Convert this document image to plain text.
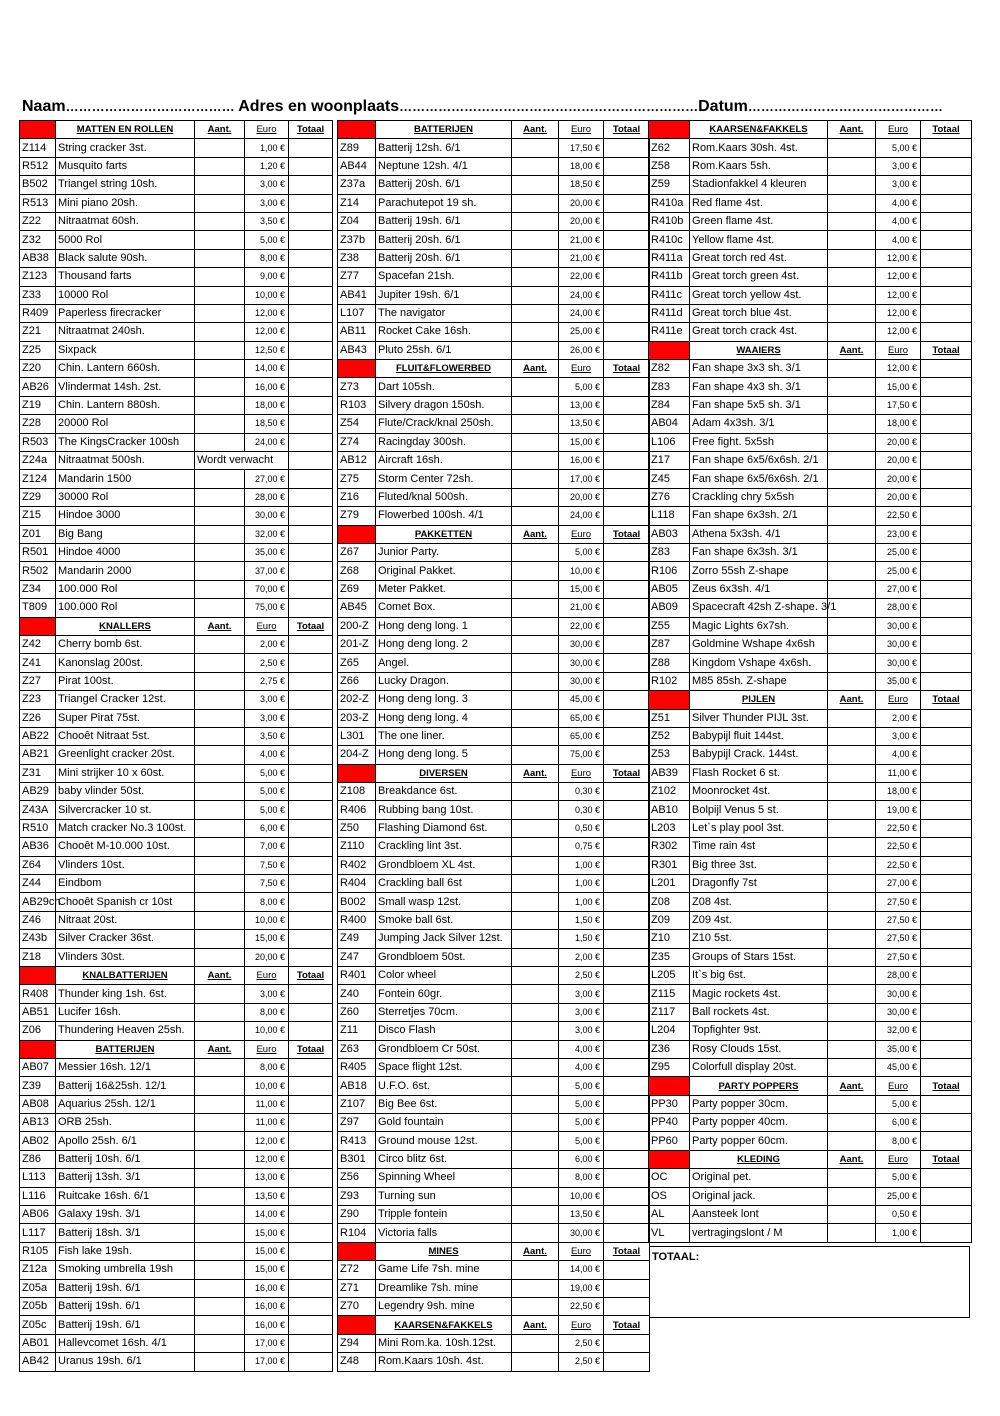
Naam………………………………… Adres en woonplaats……………………………………………………………Datum………………………………………
	MATTEN EN ROLLEN	Aant.	Euro	Totaal
Z114	String cracker 3st.		1,00 €	
R512	Musquito farts		1,20 €	
B502	Triangel string 10sh.		3,00 €	
R513	Mini piano 20sh.		3,00 €	
Z22	Nitraatmat 60sh.		3,50 €	
Z32	5000 Rol		5,00 €	
AB38	Black salute 90sh.		8,00 €	
Z123	Thousand farts		9,00 €	
Z33	10000 Rol		10,00 €	
R409	Paperless firecracker		12,00 €	
Z21	Nitraatmat 240sh.		12,00 €	
Z25	Sixpack		12,50 €	
Z20	Chin. Lantern 660sh.		14,00 €	
AB26	Vlindermat 14sh. 2st.		16,00 €	
Z19	Chin. Lantern 880sh.		18,00 €	
Z28	20000 Rol		18,50 €	
R503	The KingsCracker 100sh		24,00 €	
Z24a	Nitraatmat 500sh.	Wordt verwacht		
Z124	Mandarin 1500		27,00 €	
Z29	30000 Rol		28,00 €	
Z15	Hindoe 3000		30,00 €	
Z01	Big Bang		32,00 €	
R501	Hindoe 4000		35,00 €	
R502	Mandarin 2000		37,00 €	
Z34	100.000 Rol		70,00 €	
T809	100.000 Rol		75,00 €	
	KNALLERS	Aant.	Euro	Totaal
Z42	Cherry bomb 6st.		2,00 €	
Z41	Kanonslag 200st.		2,50 €	
Z27	Pirat 100st.		2,75 €	
Z23	Triangel Cracker 12st.		3,00 €	
Z26	Super Pirat 75st.		3,00 €	
AB22	Chooêt Nitraat 5st.		3,50 €	
AB21	Greenlight cracker 20st.		4,00 €	
Z31	Mini strijker 10 x 60st.		5,00 €	
AB29	baby vlinder 50st.		5,00 €	
Z43A	Silvercracker 10 st.		5,00 €	
R510	Match cracker No.3 100st.		6,00 €	
AB36	Chooêt M-10.000 10st.		7,00 €	
Z64	Vlinders 10st.		7,50 €	
Z44	Eindbom		7,50 €	
AB29ch	Chooêt Spanish cr 10st		8,00 €	
Z46	Nitraat 20st.		10,00 €	
Z43b	Silver Cracker 36st.		15,00 €	
Z18	Vlinders 30st.		20,00 €	
	KNALBATTERIJEN	Aant.	Euro	Totaal
R408	Thunder king 1sh. 6st.		3,00 €	
AB51	Lucifer 16sh.		8,00 €	
Z06	Thundering Heaven 25sh.		10,00 €	
	BATTERIJEN	Aant.	Euro	Totaal
AB07	Messier 16sh. 12/1		8,00 €	
Z39	Batterij 16&25sh. 12/1		10,00 €	
AB08	Aquarius 25sh. 12/1		11,00 €	
AB13	ORB 25sh.		11,00 €	
AB02	Apollo 25sh. 6/1		12,00 €	
Z86	Batterij 10sh. 6/1		12,00 €	
L113	Batterij 13sh. 3/1		13,00 €	
L116	Ruitcake 16sh. 6/1		13,50 €	
AB06	Galaxy 19sh. 3/1		14,00 €	
L117	Batterij 18sh. 3/1		15,00 €	
R105	Fish lake 19sh.		15,00 €	
Z12a	Smoking umbrella 19sh		15,00 €	
Z05a	Batterij 19sh. 6/1		16,00 €	
Z05b	Batterij 19sh. 6/1		16,00 €	
Z05c	Batterij 19sh. 6/1		16,00 €	
AB01	Hallevcomet 16sh. 4/1		17,00 €	
AB42	Uranus 19sh. 6/1		17,00 €	
	BATTERIJEN	Aant.	Euro	Totaal
Z89	Batterij 12sh. 6/1		17,50 €	
AB44	Neptune 12sh. 4/1		18,00 €	
Z37a	Batterij 20sh. 6/1		18,50 €	
Z14	Parachutepot 19 sh.		20,00 €	
Z04	Batterij 19sh. 6/1		20,00 €	
Z37b	Batterij 20sh. 6/1		21,00 €	
Z38	Batterij 20sh. 6/1		21,00 €	
Z77	Spacefan 21sh.		22,00 €	
AB41	Jupiter 19sh. 6/1		24,00 €	
L107	The navigator		24,00 €	
AB11	Rocket Cake 16sh.		25,00 €	
AB43	Pluto 25sh. 6/1		26,00 €	
	FLUIT&FLOWERBED	Aant.	Euro	Totaal
Z73	Dart 105sh.		5,00 €	
R103	Silvery dragon 150sh.		13,00 €	
Z54	Flute/Crack/knal 250sh.		13,50 €	
Z74	Racingday 300sh.		15,00 €	
AB12	Aircraft 16sh.		16,00 €	
Z75	Storm Center 72sh.		17,00 €	
Z16	Fluted/knal 500sh.		20,00 €	
Z79	Flowerbed 100sh. 4/1		24,00 €	
	PAKKETTEN	Aant.	Euro	Totaal
Z67	Junior Party.		5,00 €	
Z68	Original Pakket.		10,00 €	
Z69	Meter Pakket.		15,00 €	
AB45	Comet Box.		21,00 €	
200-Z	Hong deng long. 1		22,00 €	
201-Z	Hong deng long. 2		30,00 €	
Z65	Angel.		30,00 €	
Z66	Lucky Dragon.		30,00 €	
202-Z	Hong deng long. 3		45,00 €	
203-Z	Hong deng long. 4		65,00 €	
L301	The one liner.		65,00 €	
204-Z	Hong deng long. 5		75,00 €	
	DIVERSEN	Aant.	Euro	Totaal
Z108	Breakdance 6st.		0,30 €	
R406	Rubbing bang 10st.		0,30 €	
Z50	Flashing Diamond 6st.		0,50 €	
Z110	Crackling lint 3st.		0,75 €	
R402	Grondbloem XL 4st.		1,00 €	
R404	Crackling ball 6st		1,00 €	
B002	Small wasp 12st.		1,00 €	
R400	Smoke ball 6st.		1,50 €	
Z49	Jumping Jack Silver 12st.		1,50 €	
Z47	Grondbloem 50st.		2,00 €	
R401	Color wheel		2,50 €	
Z40	Fontein 60gr.		3,00 €	
Z60	Sterretjes 70cm.		3,00 €	
Z11	Disco Flash		3,00 €	
Z63	Grondbloem Cr 50st.		4,00 €	
R405	Space flight 12st.		4,00 €	
AB18	U.F.O. 6st.		5,00 €	
Z107	Big Bee 6st.		5,00 €	
Z97	Gold fountain		5,00 €	
R413	Ground mouse 12st.		5,00 €	
B301	Circo blitz 6st.		6,00 €	
Z56	Spinning Wheel		8,00 €	
Z93	Turning sun		10,00 €	
Z90	Tripple fontein		13,50 €	
R104	Victoria falls		30,00 €	
	MINES	Aant.	Euro	Totaal
Z72	Game Life 7sh. mine		14,00 €	
Z71	Dreamlike 7sh. mine		19,00 €	
Z70	Legendry 9sh. mine		22,50 €	
	KAARSEN&FAKKELS	Aant.	Euro	Totaal
Z94	Mini Rom.ka. 10sh.12st.		2,50 €	
Z48	Rom.Kaars 10sh. 4st.		2,50 €	
	KAARSEN&FAKKELS	Aant.	Euro	Totaal
Z62	Rom.Kaars 30sh. 4st.		5,00 €	
Z58	Rom.Kaars 5sh.		3,00 €	
Z59	Stadionfakkel 4 kleuren		3,00 €	
R410a	Red flame 4st.		4,00 €	
R410b	Green flame 4st.		4,00 €	
R410c	Yellow flame 4st.		4,00 €	
R411a	Great torch red 4st.		12,00 €	
R411b	Great torch green 4st.		12,00 €	
R411c	Great torch yellow 4st.		12,00 €	
R411d	Great torch blue 4st.		12,00 €	
R411e	Great torch crack 4st.		12,00 €	
	WAAIERS	Aant.	Euro	Totaal
Z82	Fan shape 3x3 sh. 3/1		12,00 €	
Z83	Fan shape 4x3 sh. 3/1		15,00 €	
Z84	Fan shape 5x5 sh. 3/1		17,50 €	
AB04	Adam 4x3sh. 3/1		18,00 €	
L106	Free fight. 5x5sh		20,00 €	
Z17	Fan shape 6x5/6x6sh. 2/1		20,00 €	
Z45	Fan shape 6x5/6x6sh. 2/1		20,00 €	
Z76	Crackling chry 5x5sh		20,00 €	
L118	Fan shape 6x3sh. 2/1		22,50 €	
AB03	Athena 5x3sh. 4/1		23,00 €	
Z83	Fan shape 6x3sh. 3/1		25,00 €	
R106	Zorro 55sh Z-shape		25,00 €	
AB05	Zeus 6x3sh. 4/1		27,00 €	
AB09	Spacecraft 42sh Z-shape. 3/1		28,00 €	
Z55	Magic Lights 6x7sh.		30,00 €	
Z87	Goldmine Wshape 4x6sh		30,00 €	
Z88	Kingdom Vshape 4x6sh.		30,00 €	
R102	M85 85sh. Z-shape		35,00 €	
	PIJLEN	Aant.	Euro	Totaal
Z51	Silver Thunder PIJL 3st.		2,00 €	
Z52	Babypijl fluit 144st.		3,00 €	
Z53	Babypijl Crack. 144st.		4,00 €	
AB39	Flash Rocket 6 st.		11,00 €	
Z102	Moonrocket 4st.		18,00 €	
AB10	Bolpijl Venus 5 st.		19,00 €	
L203	Let`s play pool 3st.		22,50 €	
R302	Time rain 4st		22,50 €	
R301	Big three 3st.		22,50 €	
L201	Dragonfly 7st		27,00 €	
Z08	Z08 4st.		27,50 €	
Z09	Z09 4st.		27,50 €	
Z10	Z10 5st.		27,50 €	
Z35	Groups of Stars 15st.		27,50 €	
L205	It`s big 6st.		28,00 €	
Z115	Magic rockets 4st.		30,00 €	
Z117	Ball rockets 4st.		30,00 €	
L204	Topfighter 9st.		32,00 €	
Z36	Rosy Clouds 15st.		35,00 €	
Z95	Colorfull display 20st.		45,00 €	
	PARTY POPPERS	Aant.	Euro	Totaal
PP30	Party popper 30cm.		5,00 €	
PP40	Party popper 40cm.		6,00 €	
PP60	Party popper 60cm.		8,00 €	
	KLEDING	Aant.	Euro	Totaal
OC	Original pet.		5,00 €	
OS	Original jack.		25,00 €	
AL	Aansteek lont		0,50 €	
VL	vertragingslont / M		1,00 €	
TOTAAL:
